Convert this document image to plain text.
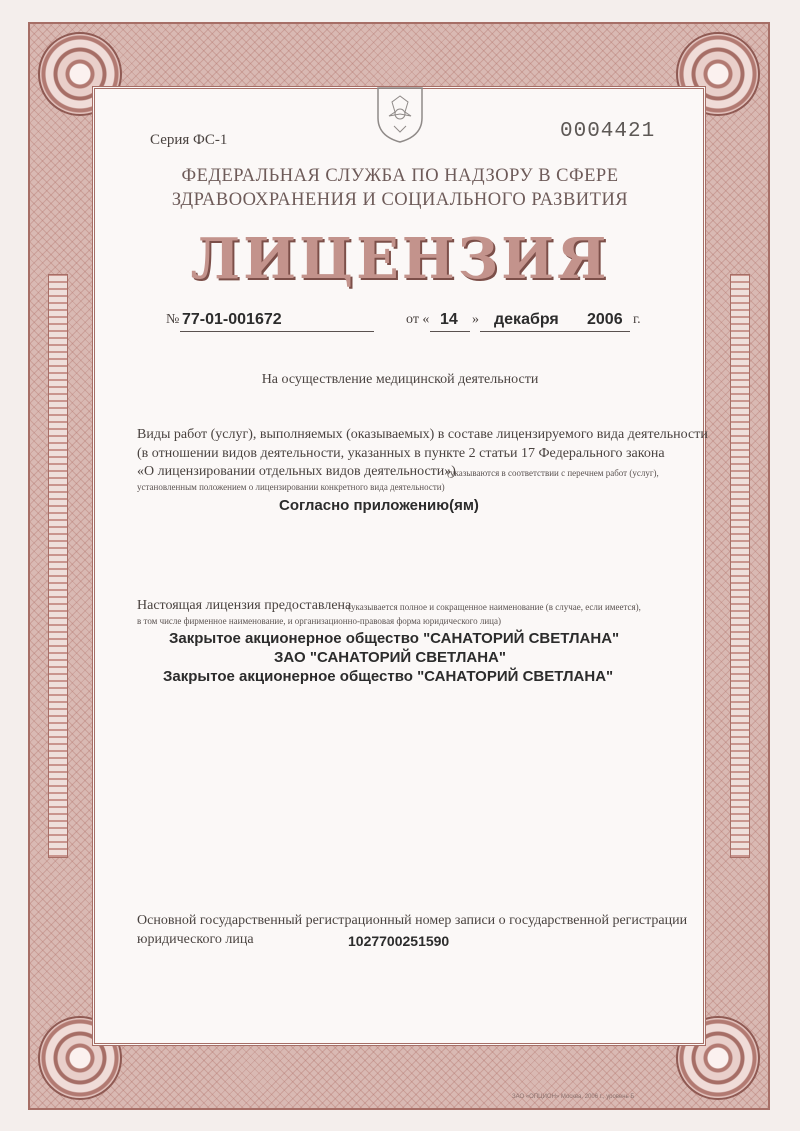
Серия ФС-1	0004421
ФЕДЕРАЛЬНАЯ СЛУЖБА ПО НАДЗОРУ В СФЕРЕ
ЗДРАВООХРАНЕНИЯ И СОЦИАЛЬНОГО РАЗВИТИЯ
ЛИЦЕНЗИЯ
№ 77-01-001672	от « 14 » декабря 2006 г.
На осуществление медицинской деятельности
Виды работ (услуг), выполняемых (оказываемых) в составе лицензируемого вида деятельности
(в отношении видов деятельности, указанных в пункте 2 статьи 17 Федерального закона
«О лицензировании отдельных видов деятельности»)
(указываются в соответствии с перечнем работ (услуг),
установленным положением о лицензировании конкретного вида деятельности)
Согласно приложению(ям)
Настоящая лицензия предоставлена
(указывается полное и сокращенное наименование (в случае, если имеется),
в том числе фирменное наименование, и организационно-правовая форма юридического лица)
Закрытое акционерное общество "САНАТОРИЙ СВЕТЛАНА"
ЗАО "САНАТОРИЙ СВЕТЛАНА"
Закрытое акционерное общество "САНАТОРИЙ СВЕТЛАНА"
Основной государственный регистрационный номер записи о государственной регистрации
юридического лица	1027700251590
ЗАО «ОПЦИОН» Москва, 2006 г., уровень Б
